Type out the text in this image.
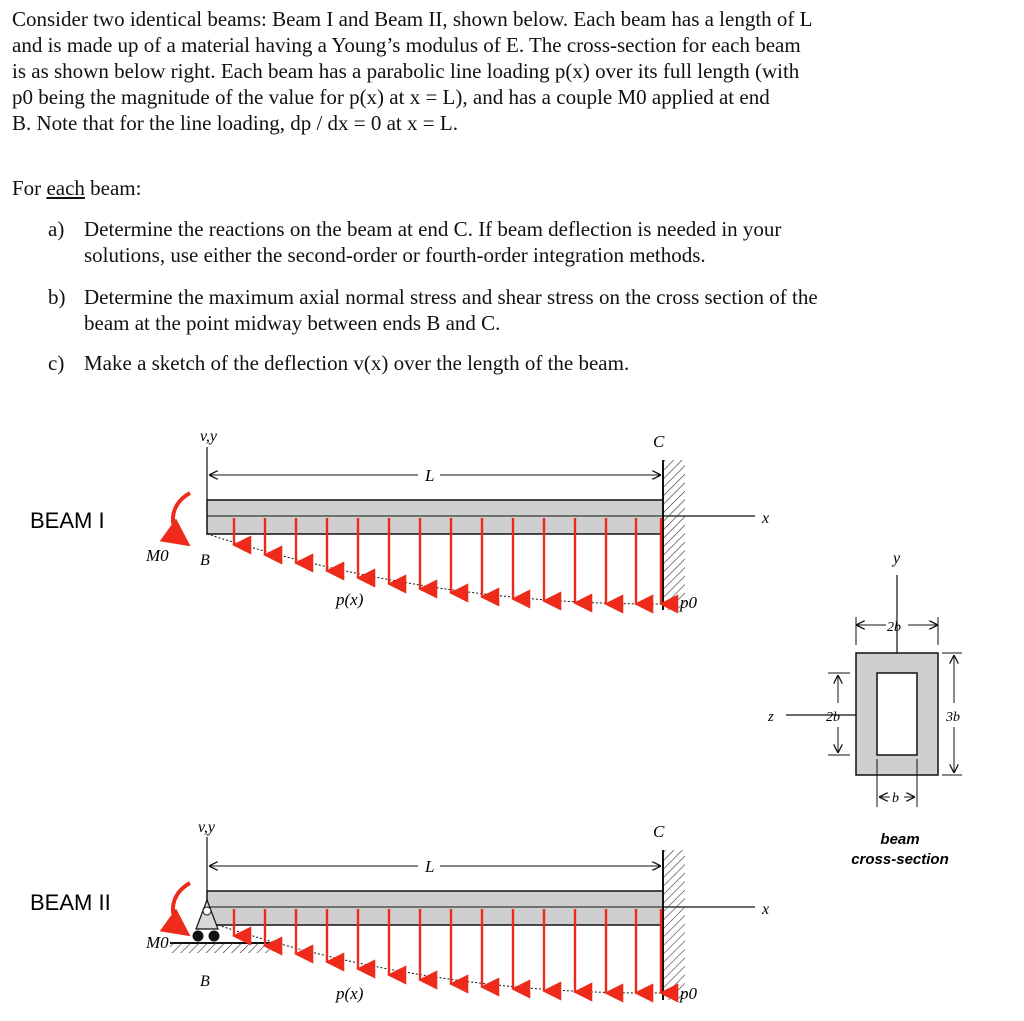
Consider two identical beams: Beam I and Beam II, shown below. Each beam has a length of L
and is made up of a material having a Young’s modulus of E. The cross-section for each beam
is as shown below right. Each beam has a parabolic line loading p(x) over its full length (with
p0 being the magnitude of the value for p(x) at x = L), and has a couple M0 applied at end
B. Note that for the line loading, dp / dx = 0 at x = L.
For each beam:
a) Determine the reactions on the beam at end C. If beam deflection is needed in your
solutions, use either the second-order or fourth-order integration methods.
b) Determine the maximum axial normal stress and shear stress on the cross section of the
beam at the point midway between ends B and C.
c) Make a sketch of the deflection v(x) over the length of the beam.
BEAM I
v,y
L
C
x
M0 B
p(x)	p0
BEAM II
v,y
L
C
x
M0
B
p(x)	p0
y
2b
z	2b	3b
b
beam
cross-section
